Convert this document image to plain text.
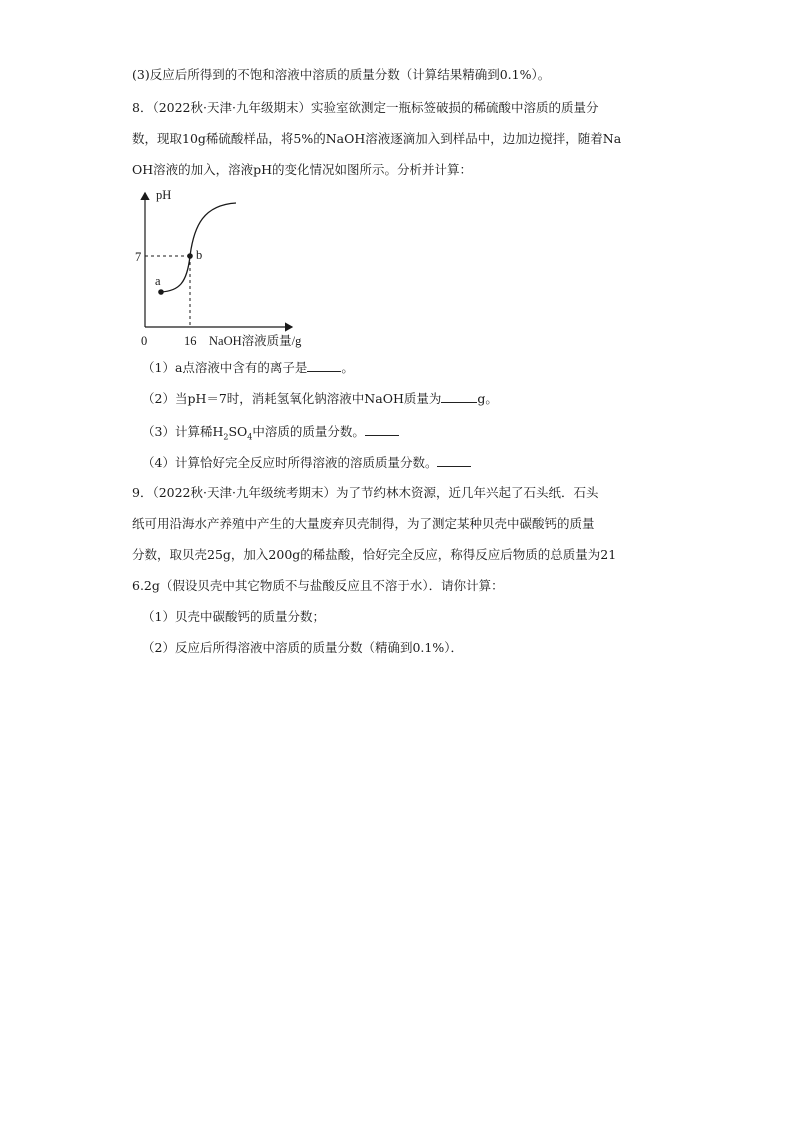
(3)反应后所得到的不饱和溶液中溶质的质量分数（计算结果精确到0.1%）。
8．（2022秋·天津·九年级期末）实验室欲测定一瓶标签破损的稀硫酸中溶质的质量分
数，现取10g稀硫酸样品，将5%的NaOH溶液逐滴加入到样品中，边加边搅拌，随着Na
OH溶液的加入，溶液pH的变化情况如图所示。分析并计算：
pH
7
a
b
0	16 NaOH溶液质量/g
（1）a点溶液中含有的离子是	。
（2）当pH＝7时，消耗氢氧化钠溶液中NaOH质量为	g。
（3）计算稀$H_2SO_4$中溶质的质量分数。
（4）计算恰好完全反应时所得溶液的溶质质量分数。
9．（2022秋·天津·九年级统考期末）为了节约林木资源，近几年兴起了石头纸．石头
纸可用沿海水产养殖中产生的大量废弃贝壳制得，为了测定某种贝壳中碳酸钙的质量
分数，取贝壳25g，加入200g的稀盐酸，恰好完全反应，称得反应后物质的总质量为21
6.2g（假设贝壳中其它物质不与盐酸反应且不溶于水）．请你计算：
（1）贝壳中碳酸钙的质量分数；
（2）反应后所得溶液中溶质的质量分数（精确到0.1%）．
